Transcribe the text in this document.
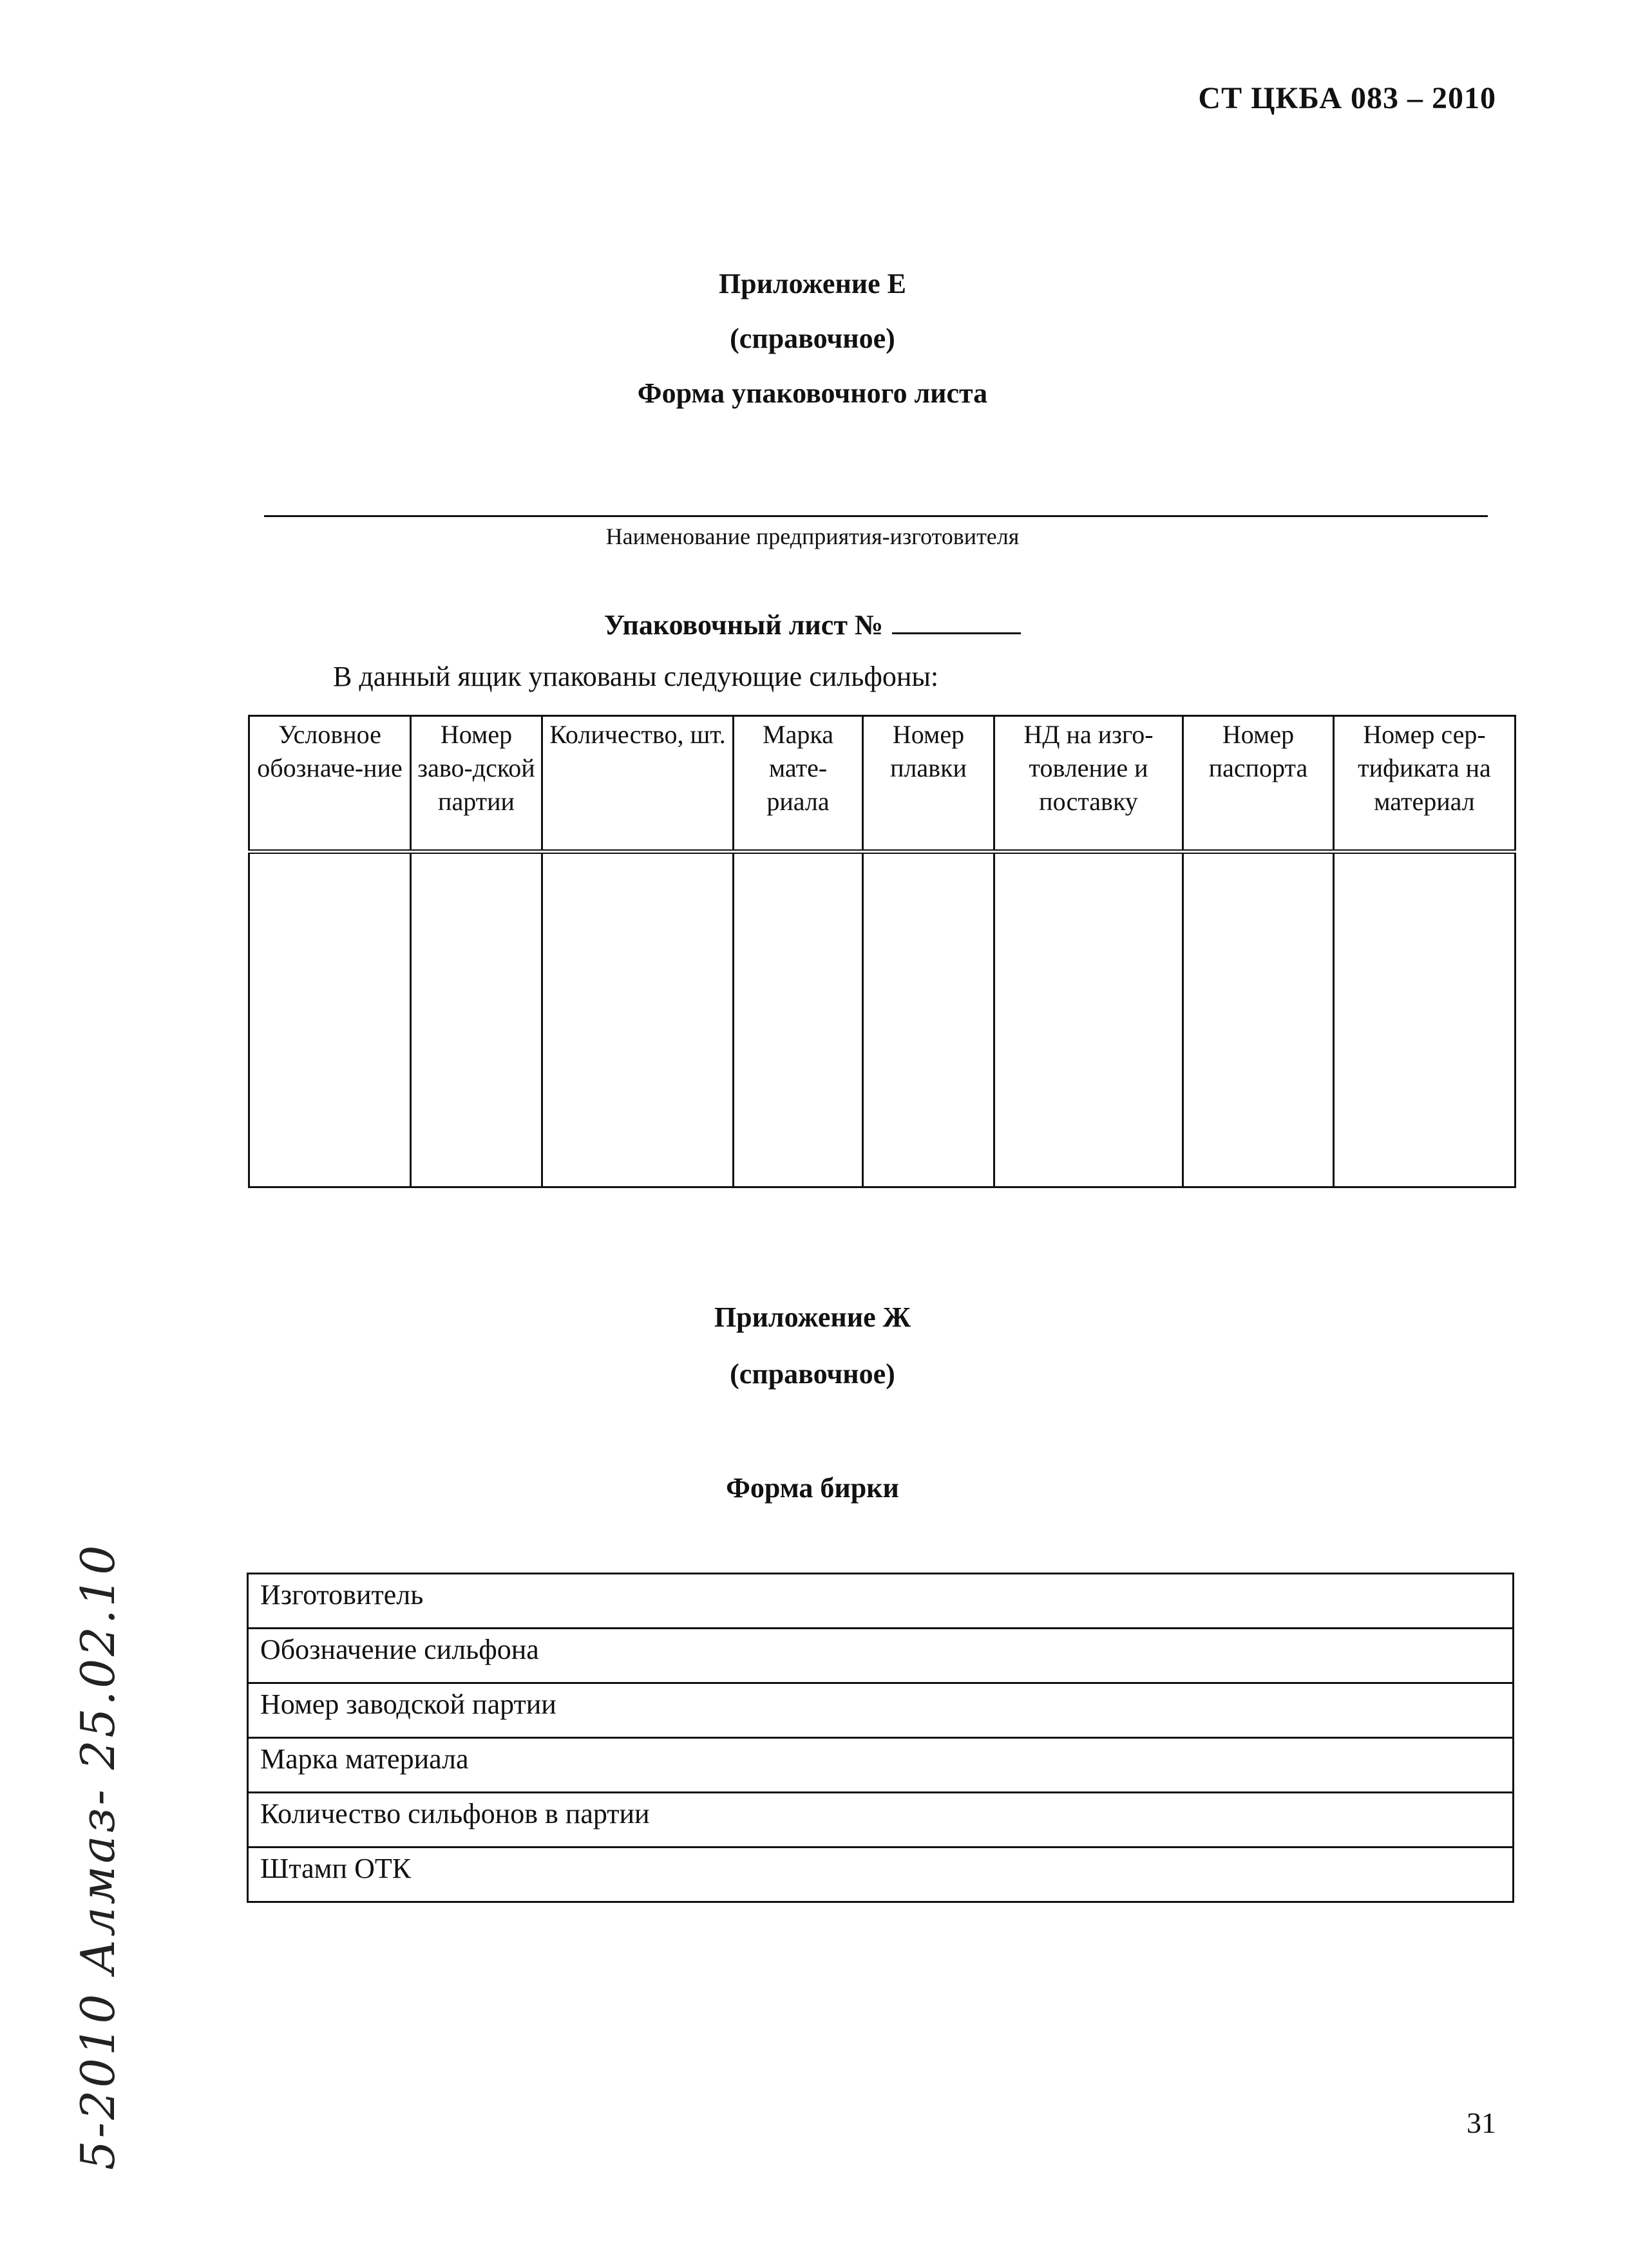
СТ ЦКБА 083 – 2010
Приложение Е
(справочное)
Форма упаковочного листа
Наименование предприятия-изготовителя
Упаковочный лист №
В данный ящик упакованы следующие сильфоны:
Условное обозначе-ние	Номер заво-дской партии	Количество, шт.	Марка мате-риала	Номер плавки	НД на изго-товление и поставку	Номер паспорта	Номер сер-тификата на материал

Приложение Ж
(справочное)
Форма бирки
Изготовитель
Обозначение сильфона
Номер заводской партии
Марка материала
Количество сильфонов в партии
Штамп ОТК
5-2010 Алмаз- 25.02.10	31
